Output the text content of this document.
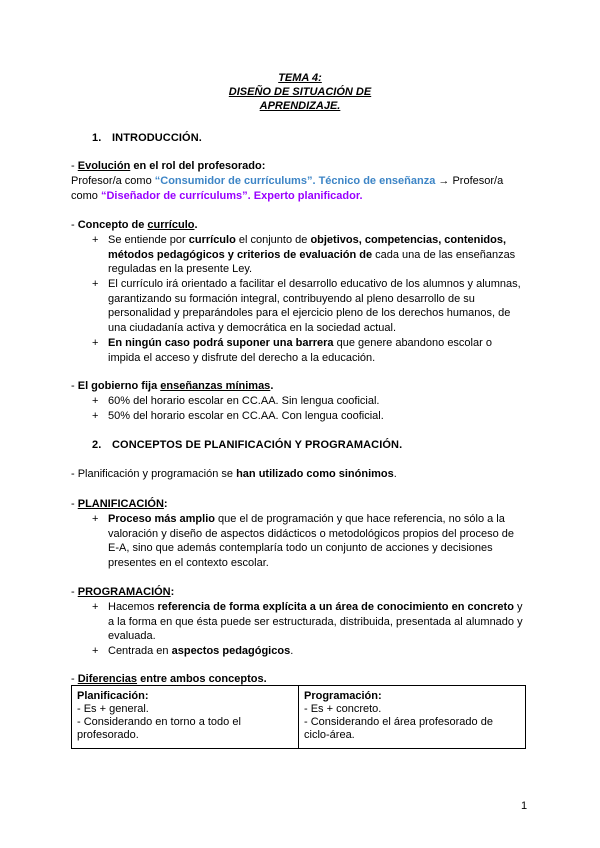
TEMA 4:
DISEÑO DE SITUACIÓN DE
APRENDIZAJE.
1. INTRODUCCIÓN.
- Evolución en el rol del profesorado:
Profesor/a como “Consumidor de currículums”. Técnico de enseñanza → Profesor/a
como “Diseñador de currículums”. Experto planificador.
- Concepto de currículo.
+ Se entiende por currículo el conjunto de objetivos, competencias, contenidos,
métodos pedagógicos y criterios de evaluación de cada una de las enseñanzas
reguladas en la presente Ley.
+ El currículo irá orientado a facilitar el desarrollo educativo de los alumnos y alumnas,
garantizando su formación integral, contribuyendo al pleno desarrollo de su
personalidad y preparándoles para el ejercicio pleno de los derechos humanos, de
una ciudadanía activa y democrática en la sociedad actual.
+ En ningún caso podrá suponer una barrera que genere abandono escolar o
impida el acceso y disfrute del derecho a la educación.
- El gobierno fija enseñanzas mínimas.
+ 60% del horario escolar en CC.AA. Sin lengua cooficial.
+ 50% del horario escolar en CC.AA. Con lengua cooficial.
2. CONCEPTOS DE PLANIFICACIÓN Y PROGRAMACIÓN.
- Planificación y programación se han utilizado como sinónimos.
- PLANIFICACIÓN:
+ Proceso más amplio que el de programación y que hace referencia, no sólo a la
valoración y diseño de aspectos didácticos o metodológicos propios del proceso de
E-A, sino que además contemplaría todo un conjunto de acciones y decisiones
presentes en el contexto escolar.
- PROGRAMACIÓN:
+ Hacemos referencia de forma explícita a un área de conocimiento en concreto y
a la forma en que ésta puede ser estructurada, distribuida, presentada al alumnado y
evaluada.
+ Centrada en aspectos pedagógicos.
- Diferencias entre ambos conceptos.
Planificación:
- Es + general.
- Considerando en torno a todo el
profesorado.

Programación:
- Es + concreto.
- Considerando el área profesorado de
ciclo-área.
1
